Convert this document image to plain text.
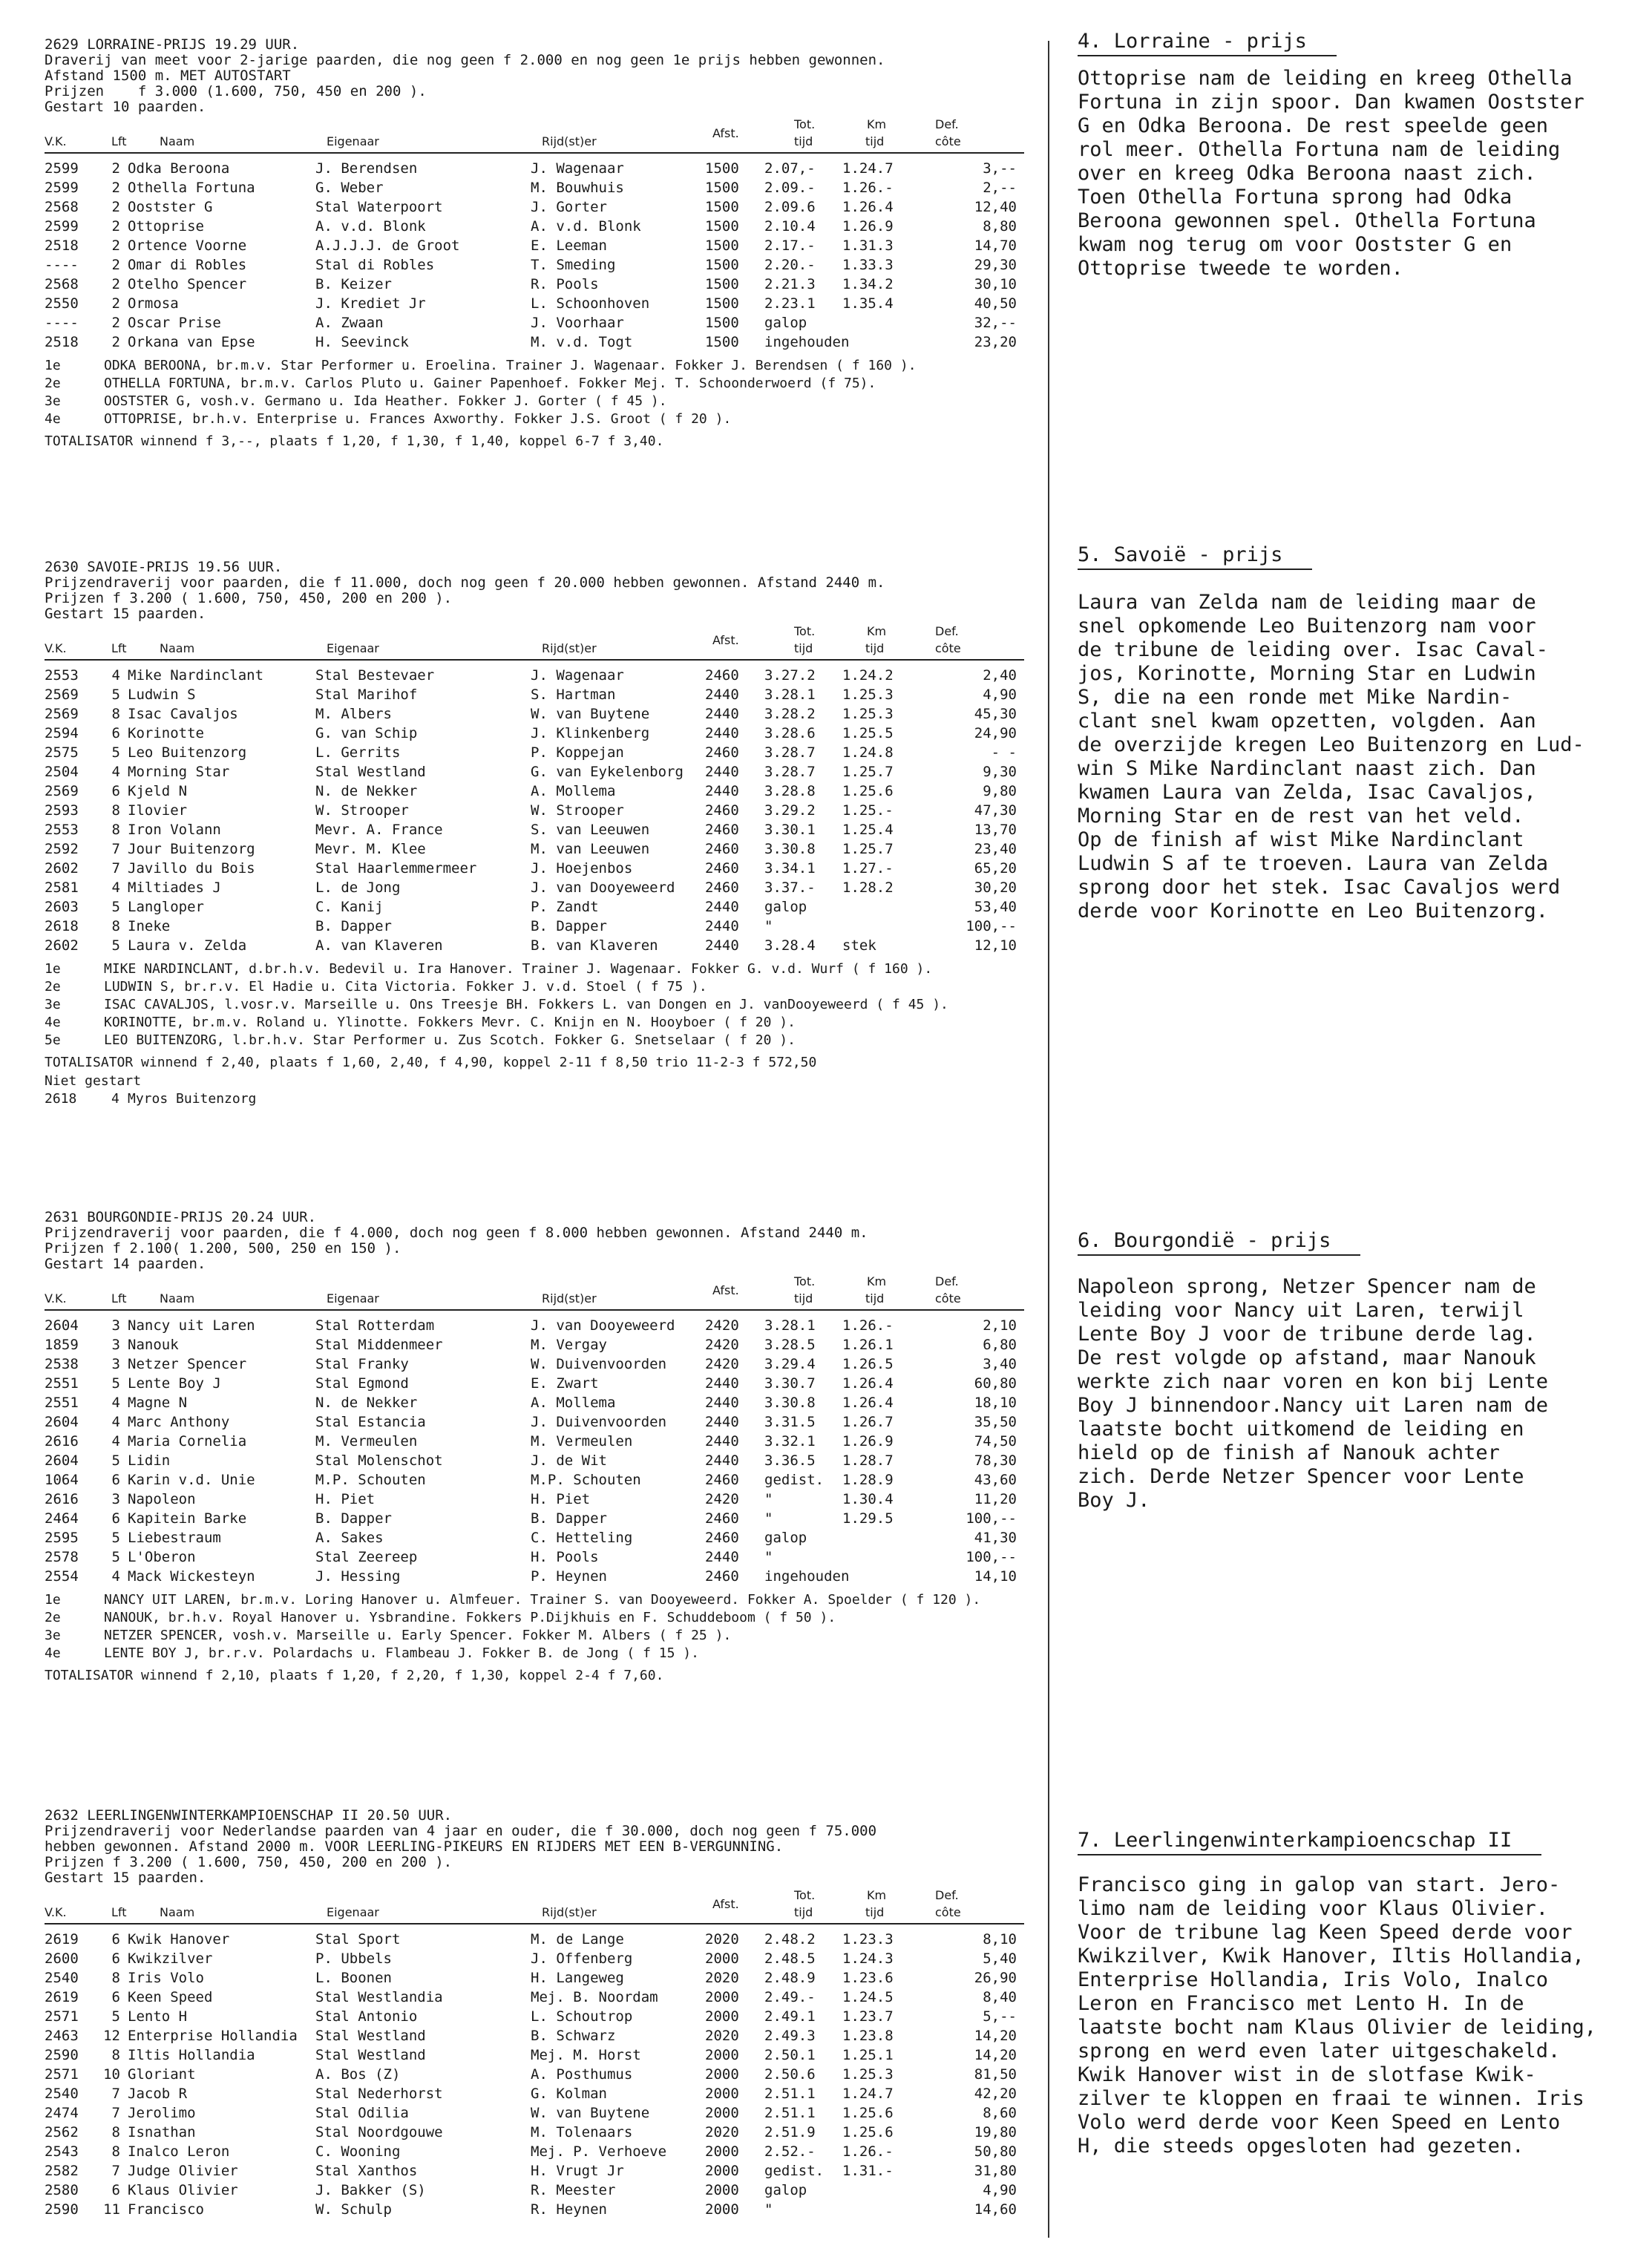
2629 LORRAINE-PRIJS 19.29 UUR.
Draverij van meet voor 2-jarige paarden, die nog geen f 2.000 en nog geen 1e prijs hebben gewonnen.
Afstand 1500 m. MET AUTOSTART
Prijzen    f 3.000 (1.600, 750, 450 en 200 ).
Gestart 10 paarden.
V.K.	Lft	Naam	Eigenaar	Rijd(st)er
Afst.
Tot.
tijd
Km
tijd
Def.
côte
2599	2 Odka Beroona	J. Berendsen	J. Wagenaar	1500 2.07,- 1.24.7	3,--
2599	2 Othella Fortuna	G. Weber	M. Bouwhuis	1500 2.09.- 1.26.-	2,--
2568	2 Oostster G	Stal Waterpoort	J. Gorter	1500 2.09.6 1.26.4	12,40
2599	2 Ottoprise	A. v.d. Blonk	A. v.d. Blonk	1500 2.10.4 1.26.9	8,80
2518	2 Ortence Voorne	A.J.J.J. de Groot	E. Leeman	1500 2.17.- 1.31.3	14,70
----	2 Omar di Robles	Stal di Robles	T. Smeding	1500 2.20.- 1.33.3	29,30
2568	2 Otelho Spencer	B. Keizer	R. Pools	1500 2.21.3 1.34.2	30,10
2550	2 Ormosa	J. Krediet Jr	L. Schoonhoven	1500 2.23.1 1.35.4	40,50
----	2 Oscar Prise	A. Zwaan	J. Voorhaar	1500 galop	32,--
2518	2 Orkana van Epse	H. Seevinck	M. v.d. Togt	1500 ingehouden	23,20
1e	ODKA BEROONA, br.m.v. Star Performer u. Eroelina. Trainer J. Wagenaar. Fokker J. Berendsen ( f 160 ).
2e	OTHELLA FORTUNA, br.m.v. Carlos Pluto u. Gainer Papenhoef. Fokker Mej. T. Schoonderwoerd (f 75).
3e	OOSTSTER G, vosh.v. Germano u. Ida Heather. Fokker J. Gorter ( f 45 ).
4e	OTTOPRISE, br.h.v. Enterprise u. Frances Axworthy. Fokker J.S. Groot ( f 20 ).
TOTALISATOR winnend f 3,--, plaats f 1,20, f 1,30, f 1,40, koppel 6-7 f 3,40.
2630 SAVOIE-PRIJS 19.56 UUR.
Prijzendraverij voor paarden, die f 11.000, doch nog geen f 20.000 hebben gewonnen. Afstand 2440 m.
Prijzen f 3.200 ( 1.600, 750, 450, 200 en 200 ).
Gestart 15 paarden.
V.K.	Lft	Naam	Eigenaar	Rijd(st)er
Afst.
Tot.
tijd
Km
tijd
Def.
côte
2553	4 Mike Nardinclant	Stal Bestevaer	J. Wagenaar	2460 3.27.2 1.24.2	2,40
2569	5 Ludwin S	Stal Marihof	S. Hartman	2440 3.28.1 1.25.3	4,90
2569	8 Isac Cavaljos	M. Albers	W. van Buytene	2440 3.28.2 1.25.3	45,30
2594	6 Korinotte	G. van Schip	J. Klinkenberg	2440 3.28.6 1.25.5	24,90
2575	5 Leo Buitenzorg	L. Gerrits	P. Koppejan	2460 3.28.7 1.24.8	- -
2504	4 Morning Star	Stal Westland	G. van Eykelenborg 2440 3.28.7 1.25.7	9,30
2569	6 Kjeld N	N. de Nekker	A. Mollema	2440 3.28.8 1.25.6	9,80
2593	8 Ilovier	W. Strooper	W. Strooper	2460 3.29.2 1.25.-	47,30
2553	8 Iron Volann	Mevr. A. France	S. van Leeuwen	2460 3.30.1 1.25.4	13,70
2592	7 Jour Buitenzorg	Mevr. M. Klee	M. van Leeuwen	2460 3.30.8 1.25.7	23,40
2602	7 Javillo du Bois	Stal Haarlemmermeer	J. Hoejenbos	2460 3.34.1 1.27.-	65,20
2581	4 Miltiades J	L. de Jong	J. van Dooyeweerd 2460 3.37.- 1.28.2	30,20
2603	5 Langloper	C. Kanij	P. Zandt	2440 galop	53,40
2618	8 Ineke	B. Dapper	B. Dapper	2440 "	100,--
2602	5 Laura v. Zelda	A. van Klaveren	B. van Klaveren	2440 3.28.4 stek	12,10
1e	MIKE NARDINCLANT, d.br.h.v. Bedevil u. Ira Hanover. Trainer J. Wagenaar. Fokker G. v.d. Wurf ( f 160 ).
2e	LUDWIN S, br.r.v. El Hadie u. Cita Victoria. Fokker J. v.d. Stoel ( f 75 ).
3e	ISAC CAVALJOS, l.vosr.v. Marseille u. Ons Treesje BH. Fokkers L. van Dongen en J. vanDooyeweerd ( f 45 ).
4e	KORINOTTE, br.m.v. Roland u. Ylinotte. Fokkers Mevr. C. Knijn en N. Hooyboer ( f 20 ).
5e	LEO BUITENZORG, l.br.h.v. Star Performer u. Zus Scotch. Fokker G. Snetselaar ( f 20 ).
TOTALISATOR winnend f 2,40, plaats f 1,60, 2,40, f 4,90, koppel 2-11 f 8,50 trio 11-2-3 f 572,50
Niet gestart
2618	4 Myros Buitenzorg
2631 BOURGONDIE-PRIJS 20.24 UUR.
Prijzendraverij voor paarden, die f 4.000, doch nog geen f 8.000 hebben gewonnen. Afstand 2440 m.
Prijzen f 2.100( 1.200, 500, 250 en 150 ).
Gestart 14 paarden.
V.K.	Lft	Naam	Eigenaar	Rijd(st)er
Afst.
Tot.
tijd
Km
tijd
Def.
côte
2604	3 Nancy uit Laren	Stal Rotterdam	J. van Dooyeweerd 2420 3.28.1 1.26.-	2,10
1859	3 Nanouk	Stal Middenmeer	M. Vergay	2420 3.28.5 1.26.1	6,80
2538	3 Netzer Spencer	Stal Franky	W. Duivenvoorden	2420 3.29.4 1.26.5	3,40
2551	5 Lente Boy J	Stal Egmond	E. Zwart	2440 3.30.7 1.26.4	60,80
2551	4 Magne N	N. de Nekker	A. Mollema	2440 3.30.8 1.26.4	18,10
2604	4 Marc Anthony	Stal Estancia	J. Duivenvoorden	2440 3.31.5 1.26.7	35,50
2616	4 Maria Cornelia	M. Vermeulen	M. Vermeulen	2440 3.32.1 1.26.9	74,50
2604	5 Lidin	Stal Molenschot	J. de Wit	2440 3.36.5 1.28.7	78,30
1064	6 Karin v.d. Unie	M.P. Schouten	M.P. Schouten	2460 gedist. 1.28.9	43,60
2616	3 Napoleon	H. Piet	H. Piet	2420 "	1.30.4	11,20
2464	6 Kapitein Barke	B. Dapper	B. Dapper	2460 "	1.29.5	100,--
2595	5 Liebestraum	A. Sakes	C. Hetteling	2460 galop	41,30
2578	5 L'Oberon	Stal Zeereep	H. Pools	2440 "	100,--
2554	4 Mack Wickesteyn	J. Hessing	P. Heynen	2460 ingehouden	14,10
1e	NANCY UIT LAREN, br.m.v. Loring Hanover u. Almfeuer. Trainer S. van Dooyeweerd. Fokker A. Spoelder ( f 120 ).
2e	NANOUK, br.h.v. Royal Hanover u. Ysbrandine. Fokkers P.Dijkhuis en F. Schuddeboom ( f 50 ).
3e	NETZER SPENCER, vosh.v. Marseille u. Early Spencer. Fokker M. Albers ( f 25 ).
4e	LENTE BOY J, br.r.v. Polardachs u. Flambeau J. Fokker B. de Jong ( f 15 ).
TOTALISATOR winnend f 2,10, plaats f 1,20, f 2,20, f 1,30, koppel 2-4 f 7,60.
2632 LEERLINGENWINTERKAMPIOENSCHAP II 20.50 UUR.
Prijzendraverij voor Nederlandse paarden van 4 jaar en ouder, die f 30.000, doch nog geen f 75.000
hebben gewonnen. Afstand 2000 m. VOOR LEERLING-PIKEURS EN RIJDERS MET EEN B-VERGUNNING.
Prijzen f 3.200 ( 1.600, 750, 450, 200 en 200 ).
Gestart 15 paarden.
V.K.	Lft	Naam	Eigenaar	Rijd(st)er
Afst.
Tot.
tijd
Km
tijd
Def.
côte
2619	6 Kwik Hanover	Stal Sport	M. de Lange	2020 2.48.2 1.23.3	8,10
2600	6 Kwikzilver	P. Ubbels	J. Offenberg	2000 2.48.5 1.24.3	5,40
2540	8 Iris Volo	L. Boonen	H. Langeweg	2020 2.48.9 1.23.6	26,90
2619	6 Keen Speed	Stal Westlandia	Mej. B. Noordam	2000 2.49.- 1.24.5	8,40
2571	5 Lento H	Stal Antonio	L. Schoutrop	2000 2.49.1 1.23.7	5,--
2463	12 Enterprise Hollandia Stal Westland	B. Schwarz	2020 2.49.3 1.23.8	14,20
2590	8 Iltis Hollandia	Stal Westland	Mej. M. Horst	2000 2.50.1 1.25.1	14,20
2571	10 Gloriant	A. Bos (Z)	A. Posthumus	2000 2.50.6 1.25.3	81,50
2540	7 Jacob R	Stal Nederhorst	G. Kolman	2000 2.51.1 1.24.7	42,20
2474	7 Jerolimo	Stal Odilia	W. van Buytene	2000 2.51.1 1.25.6	8,60
2562	8 Isnathan	Stal Noordgouwe	M. Tolenaars	2020 2.51.9 1.25.6	19,80
2543	8 Inalco Leron	C. Wooning	Mej. P. Verhoeve	2000 2.52.- 1.26.-	50,80
2582	7 Judge Olivier	Stal Xanthos	H. Vrugt Jr	2000 gedist. 1.31.-	31,80
2580	6 Klaus Olivier	J. Bakker (S)	R. Meester	2000 galop	4,90
2590	11 Francisco	W. Schulp	R. Heynen	2000 "	14,60
4. Lorraine - prijs
Ottoprise nam de leiding en kreeg Othella
Fortuna in zijn spoor. Dan kwamen Oostster
G en Odka Beroona. De rest speelde geen
rol meer. Othella Fortuna nam de leiding
over en kreeg Odka Beroona naast zich.
Toen Othella Fortuna sprong had Odka
Beroona gewonnen spel. Othella Fortuna
kwam nog terug om voor Oostster G en
Ottoprise tweede te worden.
5. Savoië - prijs
Laura van Zelda nam de leiding maar de
snel opkomende Leo Buitenzorg nam voor
de tribune de leiding over. Isac Caval-
jos, Korinotte, Morning Star en Ludwin
S, die na een ronde met Mike Nardin-
clant snel kwam opzetten, volgden. Aan
de overzijde kregen Leo Buitenzorg en Lud-
win S Mike Nardinclant naast zich. Dan
kwamen Laura van Zelda, Isac Cavaljos,
Morning Star en de rest van het veld.
Op de finish af wist Mike Nardinclant
Ludwin S af te troeven. Laura van Zelda
sprong door het stek. Isac Cavaljos werd
derde voor Korinotte en Leo Buitenzorg.
6. Bourgondië - prijs
Napoleon sprong, Netzer Spencer nam de
leiding voor Nancy uit Laren, terwijl
Lente Boy J voor de tribune derde lag.
De rest volgde op afstand, maar Nanouk
werkte zich naar voren en kon bij Lente
Boy J binnendoor.Nancy uit Laren nam de
laatste bocht uitkomend de leiding en
hield op de finish af Nanouk achter
zich. Derde Netzer Spencer voor Lente
Boy J.
7. Leerlingenwinterkampioencschap II
Francisco ging in galop van start. Jero-
limo nam de leiding voor Klaus Olivier.
Voor de tribune lag Keen Speed derde voor
Kwikzilver, Kwik Hanover, Iltis Hollandia,
Enterprise Hollandia, Iris Volo, Inalco
Leron en Francisco met Lento H. In de
laatste bocht nam Klaus Olivier de leiding,
sprong en werd even later uitgeschakeld.
Kwik Hanover wist in de slotfase Kwik-
zilver te kloppen en fraai te winnen. Iris
Volo werd derde voor Keen Speed en Lento
H, die steeds opgesloten had gezeten.
